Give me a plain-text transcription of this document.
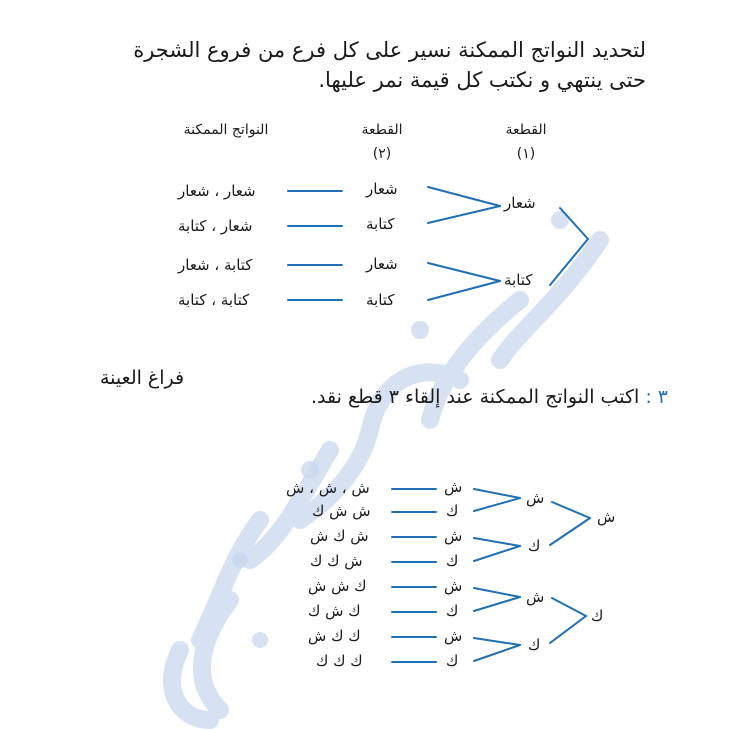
لتحديد النواتج الممكنة نسير على كل فرع من فروع الشجرة
حتى ينتهي و نكتب كل قيمة نمر عليها.
القطعة
(١)
القطعة
(٢)
النواتج الممكنة
شعار
كتابة
شعار
كتابة
شعار
كتابة
شعار ، شعار
شعار ، كتابة
كتابة ، شعار
كتابة ، كتابة
فراغ العينة
٣ : اكتب النواتج الممكنة عند إلقاء ٣ قطع نقد.
ش
ك
ش
ك
ش
ك
ش
ك
ش
ك
ش
ك
ش
ك
ش ، ش ، ش
ش ش ك
ش ك ش
ش ك ك
ك ش ش
ك ش ك
ك ك ش
ك ك ك
